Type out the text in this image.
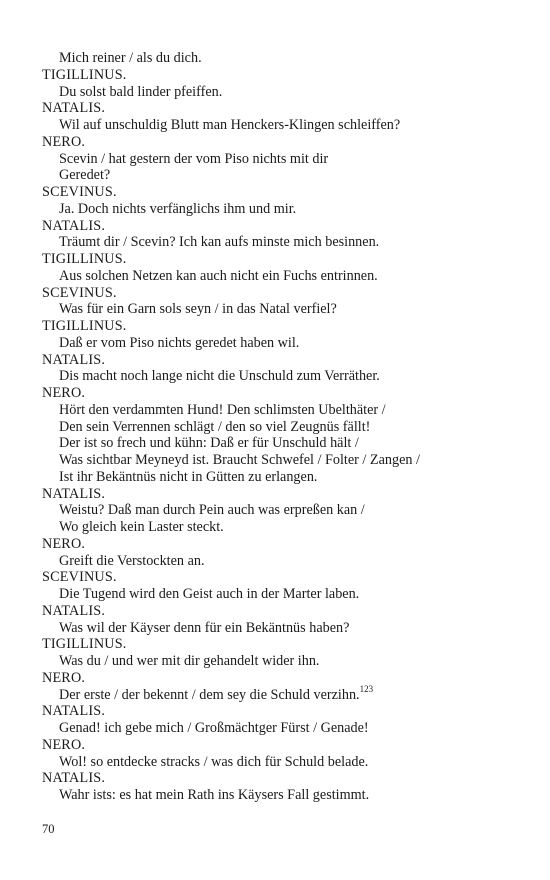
Mich reiner / als du dich.
TIGILLINUS.
Du solst bald linder pfeiffen.
NATALIS.
Wil auf unschuldig Blutt man Henckers-Klingen schleiffen?
NERO.
Scevin / hat gestern der vom Piso nichts mit dir
Geredet?
SCEVINUS.
Ja. Doch nichts verfänglichs ihm und mir.
NATALIS.
Träumt dir / Scevin? Ich kan aufs minste mich besinnen.
TIGILLINUS.
Aus solchen Netzen kan auch nicht ein Fuchs entrinnen.
SCEVINUS.
Was für ein Garn sols seyn / in das Natal verfiel?
TIGILLINUS.
Daß er vom Piso nichts geredet haben wil.
NATALIS.
Dis macht noch lange nicht die Unschuld zum Verräther.
NERO.
Hört den verdammten Hund! Den schlimsten Ubelthäter /
Den sein Verrennen schlägt / den so viel Zeugnüs fällt!
Der ist so frech und kühn: Daß er für Unschuld hält /
Was sichtbar Meyneyd ist. Braucht Schwefel / Folter / Zangen /
Ist ihr Bekäntnüs nicht in Gütten zu erlangen.
NATALIS.
Weistu? Daß man durch Pein auch was erpreßen kan /
Wo gleich kein Laster steckt.
NERO.
Greift die Verstockten an.
SCEVINUS.
Die Tugend wird den Geist auch in der Marter laben.
NATALIS.
Was wil der Käyser denn für ein Bekäntnüs haben?
TIGILLINUS.
Was du / und wer mit dir gehandelt wider ihn.
NERO.
Der erste / der bekennt / dem sey die Schuld verzihn.$^{123}$
NATALIS.
Genad! ich gebe mich / Großmächtger Fürst / Genade!
NERO.
Wol! so entdecke stracks / was dich für Schuld belade.
NATALIS.
Wahr ists: es hat mein Rath ins Käysers Fall gestimmt.
70
